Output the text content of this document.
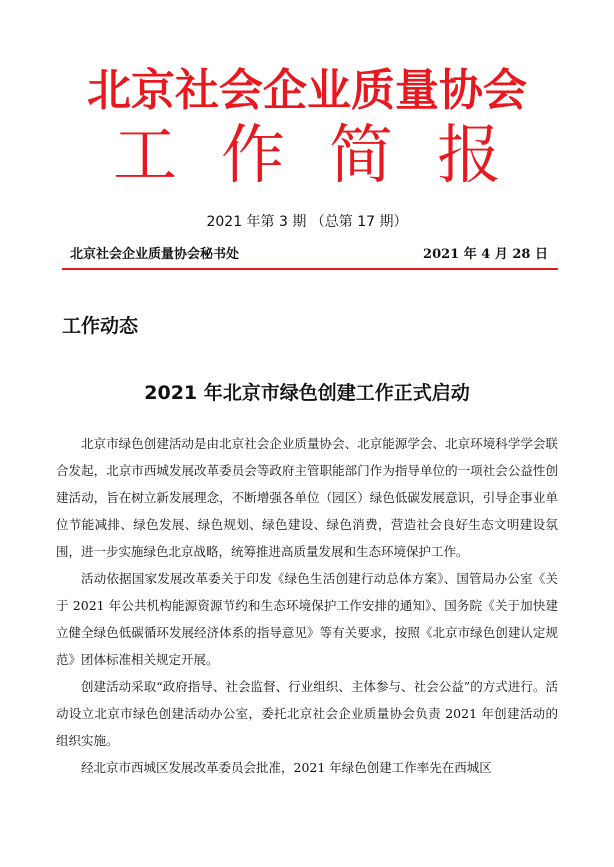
北京社会企业质量协会
工作简报
2021 年第 3 期 （总第 17 期）
北京社会企业质量协会秘书处	2021 年 4 月 28 日
工作动态
2021 年北京市绿色创建工作正式启动

北京市绿色创建活动是由北京社会企业质量协会、北京能源学会、北京环境科学学会联合发起，北京市西城发展改革委员会等政府主管职能部门作为指导单位的一项社会公益性创建活动，旨在树立新发展理念，不断增强各单位（园区）绿色低碳发展意识，引导企事业单位节能减排、绿色发展、绿色规划、绿色建设、绿色消费，营造社会良好生态文明建设氛围，进一步实施绿色北京战略，统筹推进高质量发展和生态环境保护工作。

活动依据国家发展改革委关于印发《绿色生活创建行动总体方案》、国管局办公室《关于 2021 年公共机构能源资源节约和生态环境保护工作安排的通知》、国务院《关于加快建立健全绿色低碳循环发展经济体系的指导意见》等有关要求，按照《北京市绿色创建认定规范》团体标准相关规定开展。

创建活动采取“政府指导、社会监督、行业组织、主体参与、社会公益”的方式进行。活动设立北京市绿色创建活动办公室，委托北京社会企业质量协会负责 2021 年创建活动的组织实施。

经北京市西城区发展改革委员会批准，2021 年绿色创建工作率先在西城区
